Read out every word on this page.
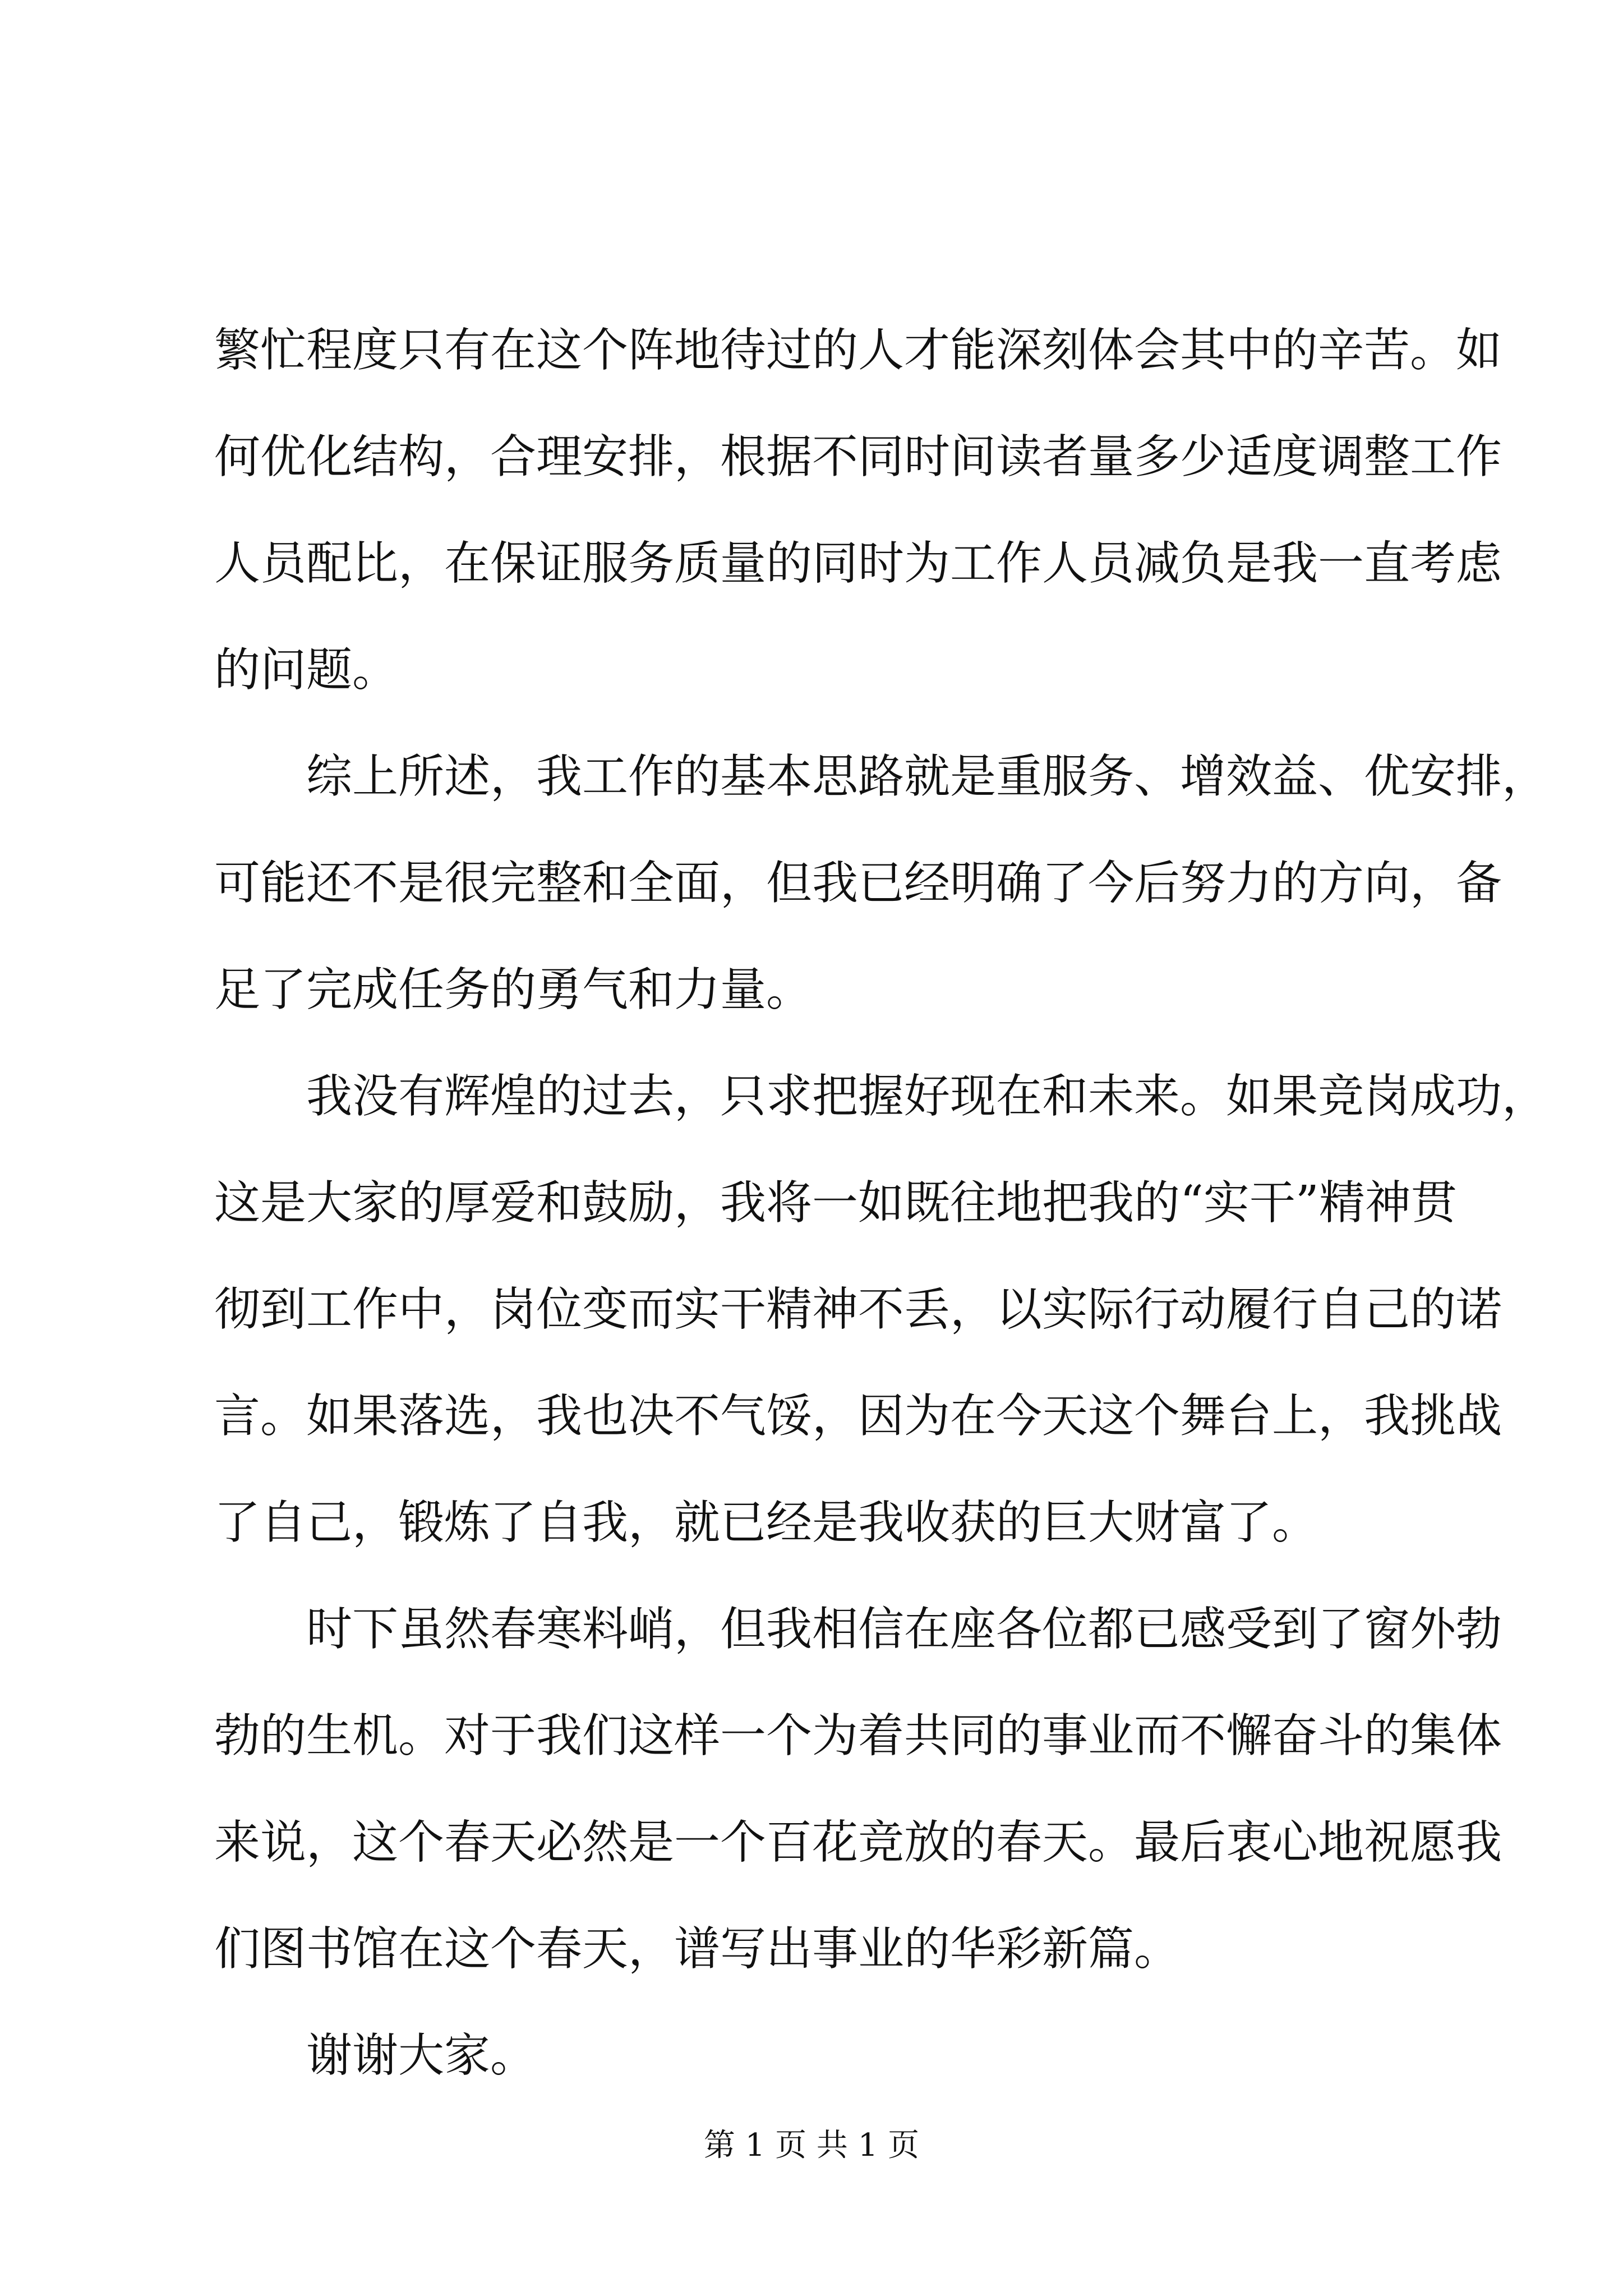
繁忙程度只有在这个阵地待过的人才能深刻体会其中的辛苦。如
何优化结构，合理安排，根据不同时间读者量多少适度调整工作
人员配比，在保证服务质量的同时为工作人员减负是我一直考虑
的问题。
综上所述，我工作的基本思路就是重服务、增效益、优安排，
可能还不是很完整和全面，但我已经明确了今后努力的方向，备
足了完成任务的勇气和力量。
我没有辉煌的过去，只求把握好现在和未来。如果竞岗成功，
这是大家的厚爱和鼓励，我将一如既往地把我的“实干”精神贯
彻到工作中，岗位变而实干精神不丢，以实际行动履行自己的诺
言。如果落选，我也决不气馁，因为在今天这个舞台上，我挑战
了自己，锻炼了自我，就已经是我收获的巨大财富了。
时下虽然春寒料峭，但我相信在座各位都已感受到了窗外勃
勃的生机。对于我们这样一个为着共同的事业而不懈奋斗的集体
来说，这个春天必然是一个百花竞放的春天。最后衷心地祝愿我
们图书馆在这个春天，谱写出事业的华彩新篇。
谢谢大家。
第 1 页 共 1 页
